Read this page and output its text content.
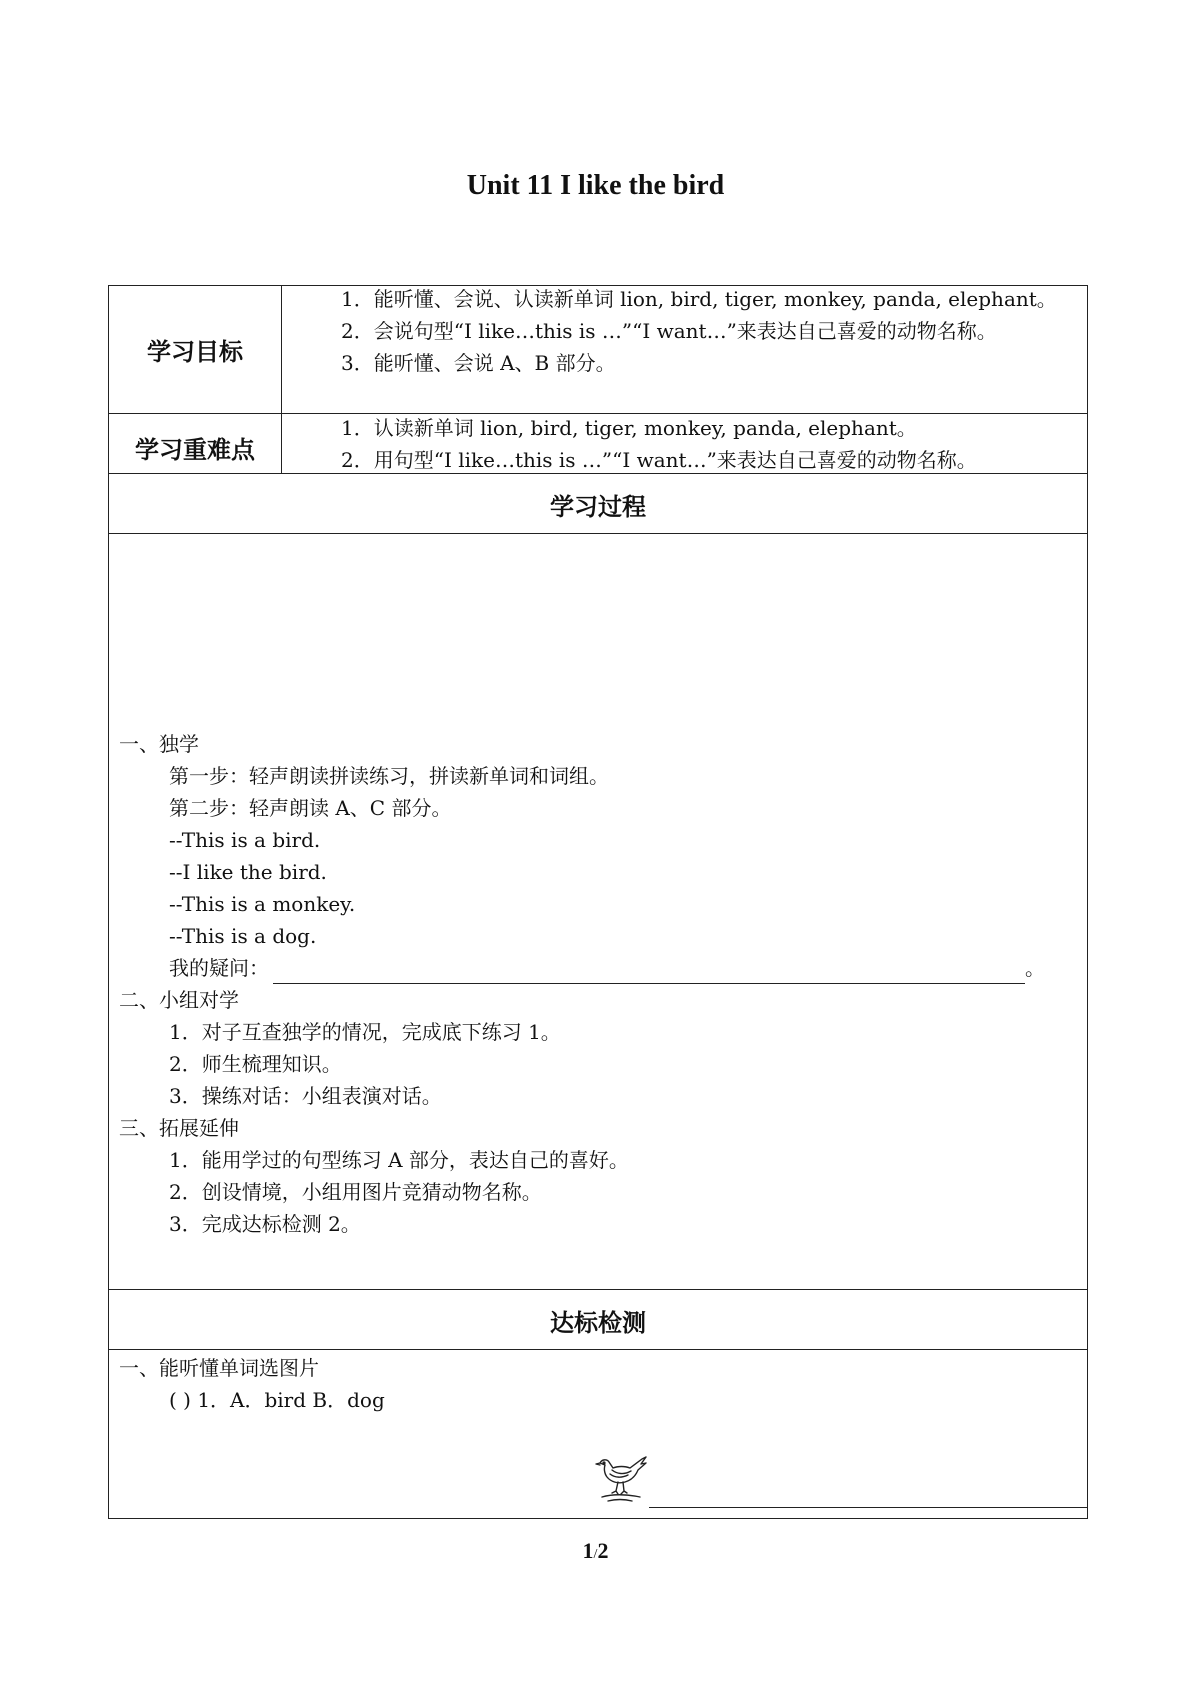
Unit 11 I like the bird
学习目标

1．能听懂、会说、认读新单词 lion, bird, tiger, monkey, panda, elephant。

2．会说句型“I like…this is …”“I want…”来表达自己喜爱的动物名称。

3．能听懂、会说 A、B 部分。

学习重难点

1．认读新单词 lion, bird, tiger, monkey, panda, elephant。

2．用句型“I like…this is …”“I want…”来表达自己喜爱的动物名称。

学习过程

一、独学

第一步：轻声朗读拼读练习，拼读新单词和词组。

第二步：轻声朗读 A、C 部分。

--This is a bird.

--I like the bird.

--This is a monkey.

--This is a dog.

我的疑问：	。

二、小组对学

1．对子互查独学的情况，完成底下练习 1。

2．师生梳理知识。

3．操练对话：小组表演对话。

三、拓展延伸

1．能用学过的句型练习 A 部分，表达自己的喜好。

2．创设情境，小组用图片竞猜动物名称。

3．完成达标检测 2。

达标检测

一、能听懂单词选图片

( ) 1．A．bird B．dog

1/2
